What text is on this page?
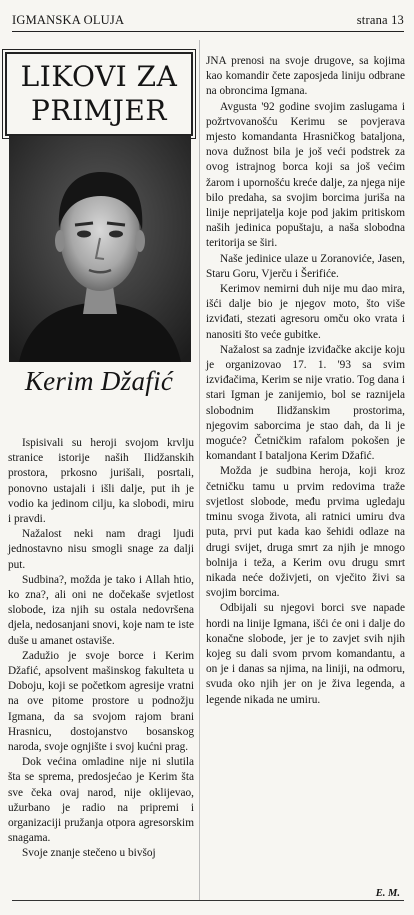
IGMANSKA OLUJA	strana 13
LIKOVI ZA
PRIMJER
Kerim Džafić

Ispisivali su heroji svojom krvlju stranice istorije naših Ilidžanskih prostora, prkosno jurišali, posrtali, ponovno ustajali i išli dalje, put ih je vodio ka jedinom cilju, ka slobodi, miru i pravdi.

Nažalost neki nam dragi ljudi jednostavno nisu smogli snage za dalji put.

Sudbina?, možda je tako i Allah htio, ko zna?, ali oni ne dočekaše svjetlost slobode, iza njih su ostala nedovršena djela, nedosanjani snovi, koje nam te iste duše u amanet ostaviše.

Zadužio je svoje borce i Kerim Džafić, apsolvent mašinskog fakulteta u Doboju, koji se početkom agresije vratni na ove pitome prostore u podnožju Igmana, da sa svojom rajom brani Hrasnicu, dostojanstvo bosanskog naroda, svoje ognjište i svoj kućni prag.

Dok većina omladine nije ni slutila šta se sprema, predosjećao je Kerim šta sve čeka ovaj narod, nije oklijevao, užurbano je radio na pripremi i organizaciji pružanja otpora agresorskim snagama.

Svoje znanje stečeno u bivšoj

JNA prenosi na svoje drugove, sa kojima kao komandir čete zaposjeda liniju odbrane na obroncima Igmana.

Avgusta '92 godine svojim zaslugama i požrtvovanošću Kerimu se povjerava mjesto komandanta Hrasničkog bataljona, nova dužnost bila je još veći podstrek za ovog istrajnog borca koji sa još većim žarom i upornošću kreće dalje, za njega nije bilo predaha, sa svojim borcima juriša na linije neprijatelja koje pod jakim pritiskom naših jedinica popuštaju, a naša slobodna teritorija se širi.

Naše jedinice ulaze u Zoranoviće, Jasen, Staru Goru, Vjerču i Šerifiće.

Kerimov nemirni duh nije mu dao mira, išći dalje bio je njegov moto, što više izviđati, stezati agresoru omču oko vrata i nanositi što veće gubitke.

Nažalost sa zadnje izviđačke akcije koju je organizovao 17. 1. '93 sa svim izviđačima, Kerim se nije vratio. Tog dana i stari Igman je zanijemio, bol se raznijela slobodnim Ilidžanskim prostorima, njegovim saborcima je stao dah, da li je moguće? Četničkim rafalom pokošen je komandant I bataljona Kerim Džafić.

Možda je sudbina heroja, koji kroz četničku tamu u prvim redovima traže svjetlost slobode, među prvima ugledaju tminu svoga života, ali ratnici umiru dva puta, prvi put kada kao šehidi odlaze na drugi svijet, druga smrt za njih je mnogo bolnija i teža, a Kerim ovu drugu smrt nikada neće doživjeti, on vječito živi sa svojim borcima.

Odbijali su njegovi borci sve napade hordi na linije Igmana, išći će oni i dalje do konačne slobode, jer je to zavjet svih njih kojeg su dali svom prvom komandantu, a on je i danas sa njima, na liniji, na odmoru, svuda oko njih jer on je živa legenda, a legende nikada ne umiru.

E. M.
